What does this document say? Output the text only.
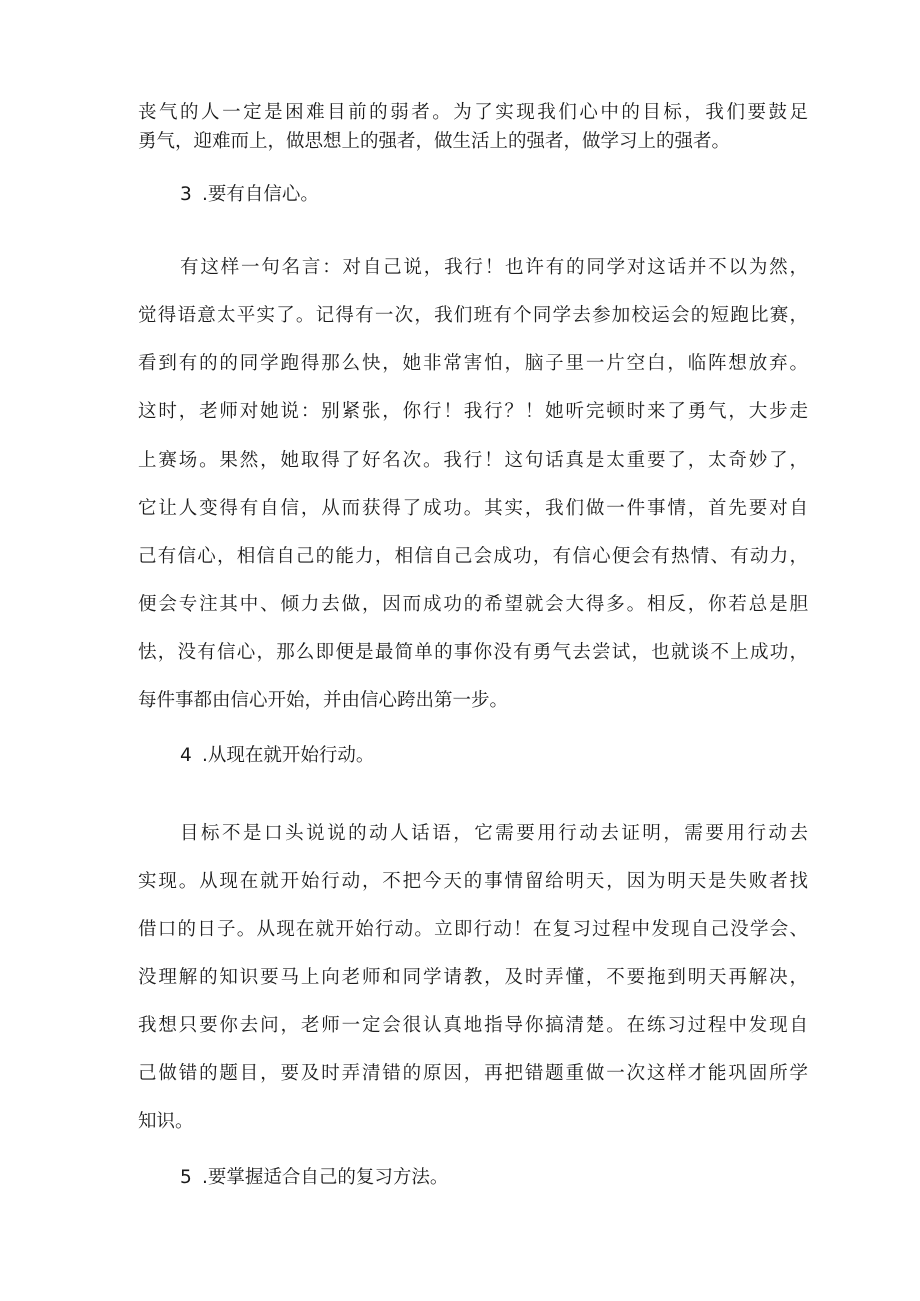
丧气的人一定是困难目前的弱者。为了实现我们心中的目标，我们要鼓足
勇气，迎难而上，做思想上的强者，做生活上的强者，做学习上的强者。
3 .要有自信心。
有这样一句名言：对自己说，我行！也许有的同学对这话并不以为然，
觉得语意太平实了。记得有一次，我们班有个同学去参加校运会的短跑比赛，
看到有的的同学跑得那么快，她非常害怕，脑子里一片空白，临阵想放弃。
这时，老师对她说：别紧张，你行！我行？！她听完顿时来了勇气，大步走
上赛场。果然，她取得了好名次。我行！这句话真是太重要了，太奇妙了，
它让人变得有自信，从而获得了成功。其实，我们做一件事情，首先要对自
己有信心，相信自己的能力，相信自己会成功，有信心便会有热情、有动力，
便会专注其中、倾力去做，因而成功的希望就会大得多。相反，你若总是胆
怯，没有信心，那么即便是最简单的事你没有勇气去尝试，也就谈不上成功，
每件事都由信心开始，并由信心跨出第一步。
4 .从现在就开始行动。
目标不是口头说说的动人话语，它需要用行动去证明，需要用行动去
实现。从现在就开始行动，不把今天的事情留给明天，因为明天是失败者找
借口的日子。从现在就开始行动。立即行动！在复习过程中发现自己没学会、
没理解的知识要马上向老师和同学请教，及时弄懂，不要拖到明天再解决，
我想只要你去问，老师一定会很认真地指导你搞清楚。在练习过程中发现自
己做错的题目，要及时弄清错的原因，再把错题重做一次这样才能巩固所学
知识。
5 .要掌握适合自己的复习方法。
